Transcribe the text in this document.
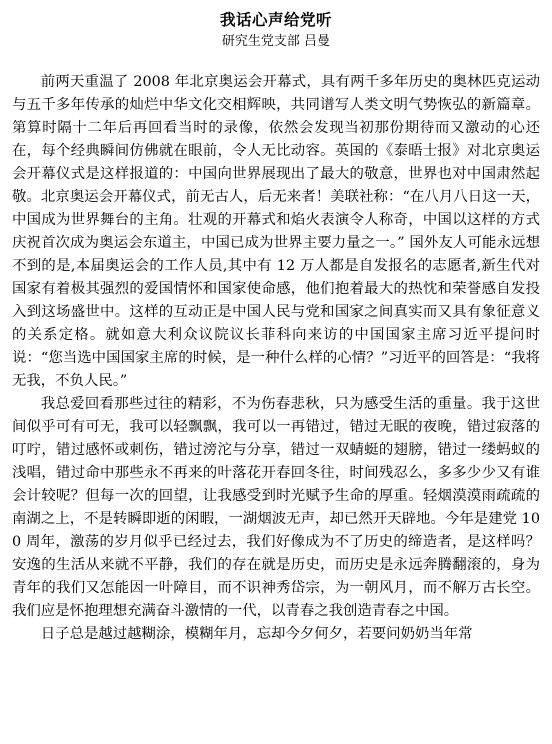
我话心声给党听

研究生党支部 吕曼

前两天重温了 2008 年北京奥运会开幕式，具有两千多年历史的奥林匹克运动与五千多年传承的灿烂中华文化交相辉映，共同谱写人类文明气势恢弘的新篇章。第算时隔十二年后再回看当时的录像，依然会发现当初那份期待而又激动的心还在，每个经典瞬间仿佛就在眼前，令人无比动容。英国的《泰晤士报》对北京奥运会开幕仪式是这样报道的：中国向世界展现出了最大的敬意，世界也对中国肃然起敬。北京奥运会开幕仪式，前无古人，后无来者！美联社称：“在八月八日这一天，中国成为世界舞台的主角。壮观的开幕式和焰火表演令人称奇，中国以这样的方式庆祝首次成为奥运会东道主，中国已成为世界主要力量之一。” 国外友人可能永远想不到的是,本届奥运会的工作人员,其中有 12 万人都是自发报名的志愿者,新生代对国家有着极其强烈的爱国情怀和国家使命感，他们抱着最大的热忱和荣誉感自发投入到这场盛世中。这样的互动正是中国人民与党和国家之间真实而又具有象征意义的关系定格。就如意大利众议院议长菲科向来访的中国国家主席习近平提问时说：“您当选中国国家主席的时候，是一种什么样的心情？”习近平的回答是：“我将无我，不负人民。”

我总爱回看那些过往的精彩，不为伤春悲秋，只为感受生活的重量。我于这世间似乎可有可无，我可以轻飘飘，我可以一再错过，错过无眠的夜晚，错过寂落的叮咛，错过感怀或刺伤，错过滂沱与分享，错过一双蜻蜓的翅膀，错过一缕蚂蚁的浅唱，错过命中那些永不再来的叶落花开春回冬往，时间残忍么，多多少少又有谁会计较呢？但每一次的回望，让我感受到时光赋予生命的厚重。轻烟漠漠雨疏疏的南湖之上，不是转瞬即逝的闲暇，一湖烟波无声，却已然开天辟地。今年是建党 100 周年，激荡的岁月似乎已经过去，我们好像成为不了历史的缔造者，是这样吗？安逸的生活从来就不平静，我们的存在就是历史，而历史是永远奔腾翻滚的，身为青年的我们又怎能因一叶障目，而不识神秀岱宗，为一朝风月，而不解万古长空。我们应是怀抱理想充满奋斗激情的一代，以青春之我创造青春之中国。

日子总是越过越糊涂，模糊年月，忘却今夕何夕，若要问奶奶当年常
